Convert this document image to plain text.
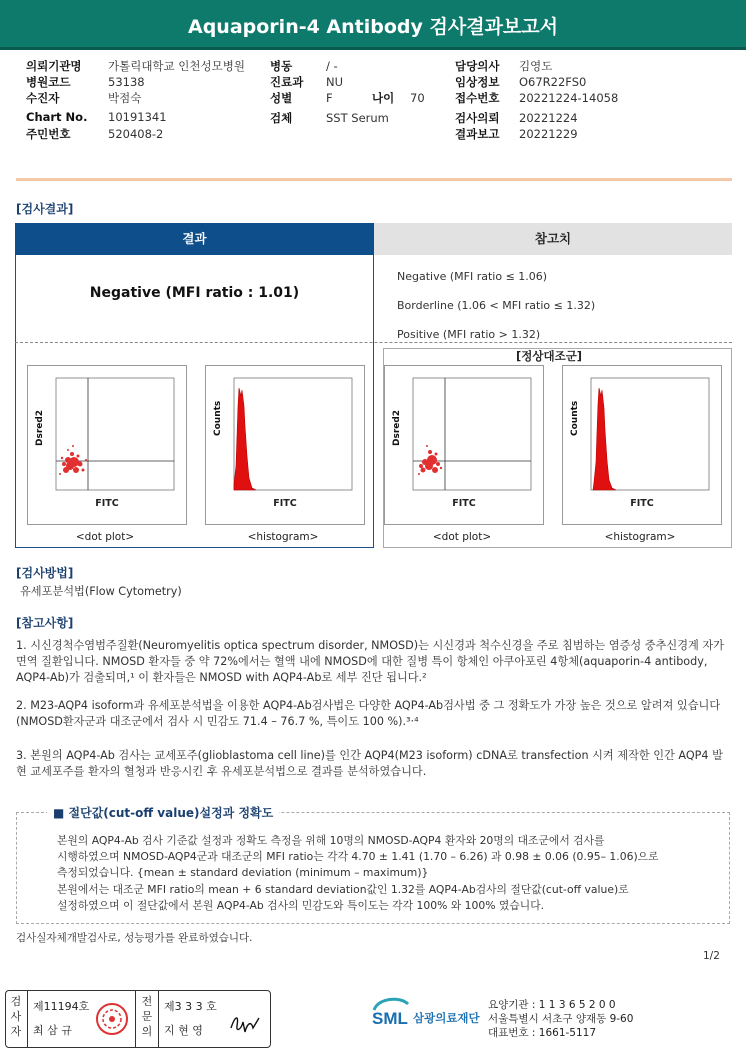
Aquaporin-4 Antibody 검사결과보고서
의뢰기관명 가톨릭대학교 인천성모병원
병원코드	53138
수진자	박점숙
Chart No. 10191341
주민번호	520408-2
병동	/ -
진료과 NU
성별	F	나이 70
검체	SST Serum
담당의사 김영도
임상정보 O67R22FS0
접수번호 20221224-14058
검사의뢰 20221224
결과보고 20221229
[검사결과]
결과	참고치
Negative (MFI ratio : 1.01)
Negative (MFI ratio ≤ 1.06)
Borderline (1.06 < MFI ratio ≤ 1.32)
Positive (MFI ratio > 1.32)
[정상대조군]
Dsred2
FITC
Counts
FITC
Dsred2
FITC
Counts
FITC
<dot plot>	<histogram>	<dot plot>	<histogram>
[검사방법]
유세포분석법(Flow Cytometry)
[참고사항]
1. 시신경척수염범주질환(Neuromyelitis optica spectrum disorder, NMOSD)는 시신경과 척수신경을 주로 침범하는 염증성 중추신경계 자가면역 질환입니다. NMOSD 환자들 중 약 72%에서는 혈액 내에 NMOSD에 대한 질병 특이 항체인 아쿠아포린 4항체(aquaporin-4 antibody, AQP4-Ab)가 검출되며,¹ 이 환자들은 NMOSD with AQP4-Ab로 세부 진단 됩니다.²
2. M23-AQP4 isoform과 유세포분석법을 이용한 AQP4-Ab검사법은 다양한 AQP4-Ab검사법 중 그 정확도가 가장 높은 것으로 알려져 있습니다(NMOSD환자군과 대조군에서 검사 시 민감도 71.4 – 76.7 %, 특이도 100 %).³·⁴
3. 본원의 AQP4-Ab 검사는 교세포주(glioblastoma cell line)를 인간 AQP4(M23 isoform) cDNA로 transfection 시켜 제작한 인간 AQP4 발현 교세포주를 환자의 혈청과 반응시킨 후 유세포분석법으로 결과를 분석하였습니다.
■ 절단값(cut-off value)설정과 정확도
본원의 AQP4-Ab 검사 기준값 설정과 정확도 측정을 위해 10명의 NMOSD-AQP4 환자와 20명의 대조군에서 검사를
시행하였으며 NMOSD-AQP4군과 대조군의 MFI ratio는 각각 4.70 ± 1.41 (1.70 – 6.26) 과 0.98 ± 0.06 (0.95– 1.06)으로
측정되었습니다. {mean ± standard deviation (minimum – maximum)}
본원에서는 대조군 MFI ratio의 mean + 6 standard deviation값인 1.32를 AQP4-Ab검사의 절단값(cut-off value)로
설정하였으며 이 절단값에서 본원 AQP4-Ab 검사의 민감도와 특이도는 각각 100% 와 100% 였습니다.
검사실자체개발검사로, 성능평가를 완료하였습니다.
1/2
검사자
제11194호
최 삼 규
전문의
제3 3 3 호
지 현 영
SML 삼광의료재단
요양기관 : 1 1 3 6 5 2 0 0
서울특별시 서초구 양재동 9-60
대표번호 : 1661-5117
